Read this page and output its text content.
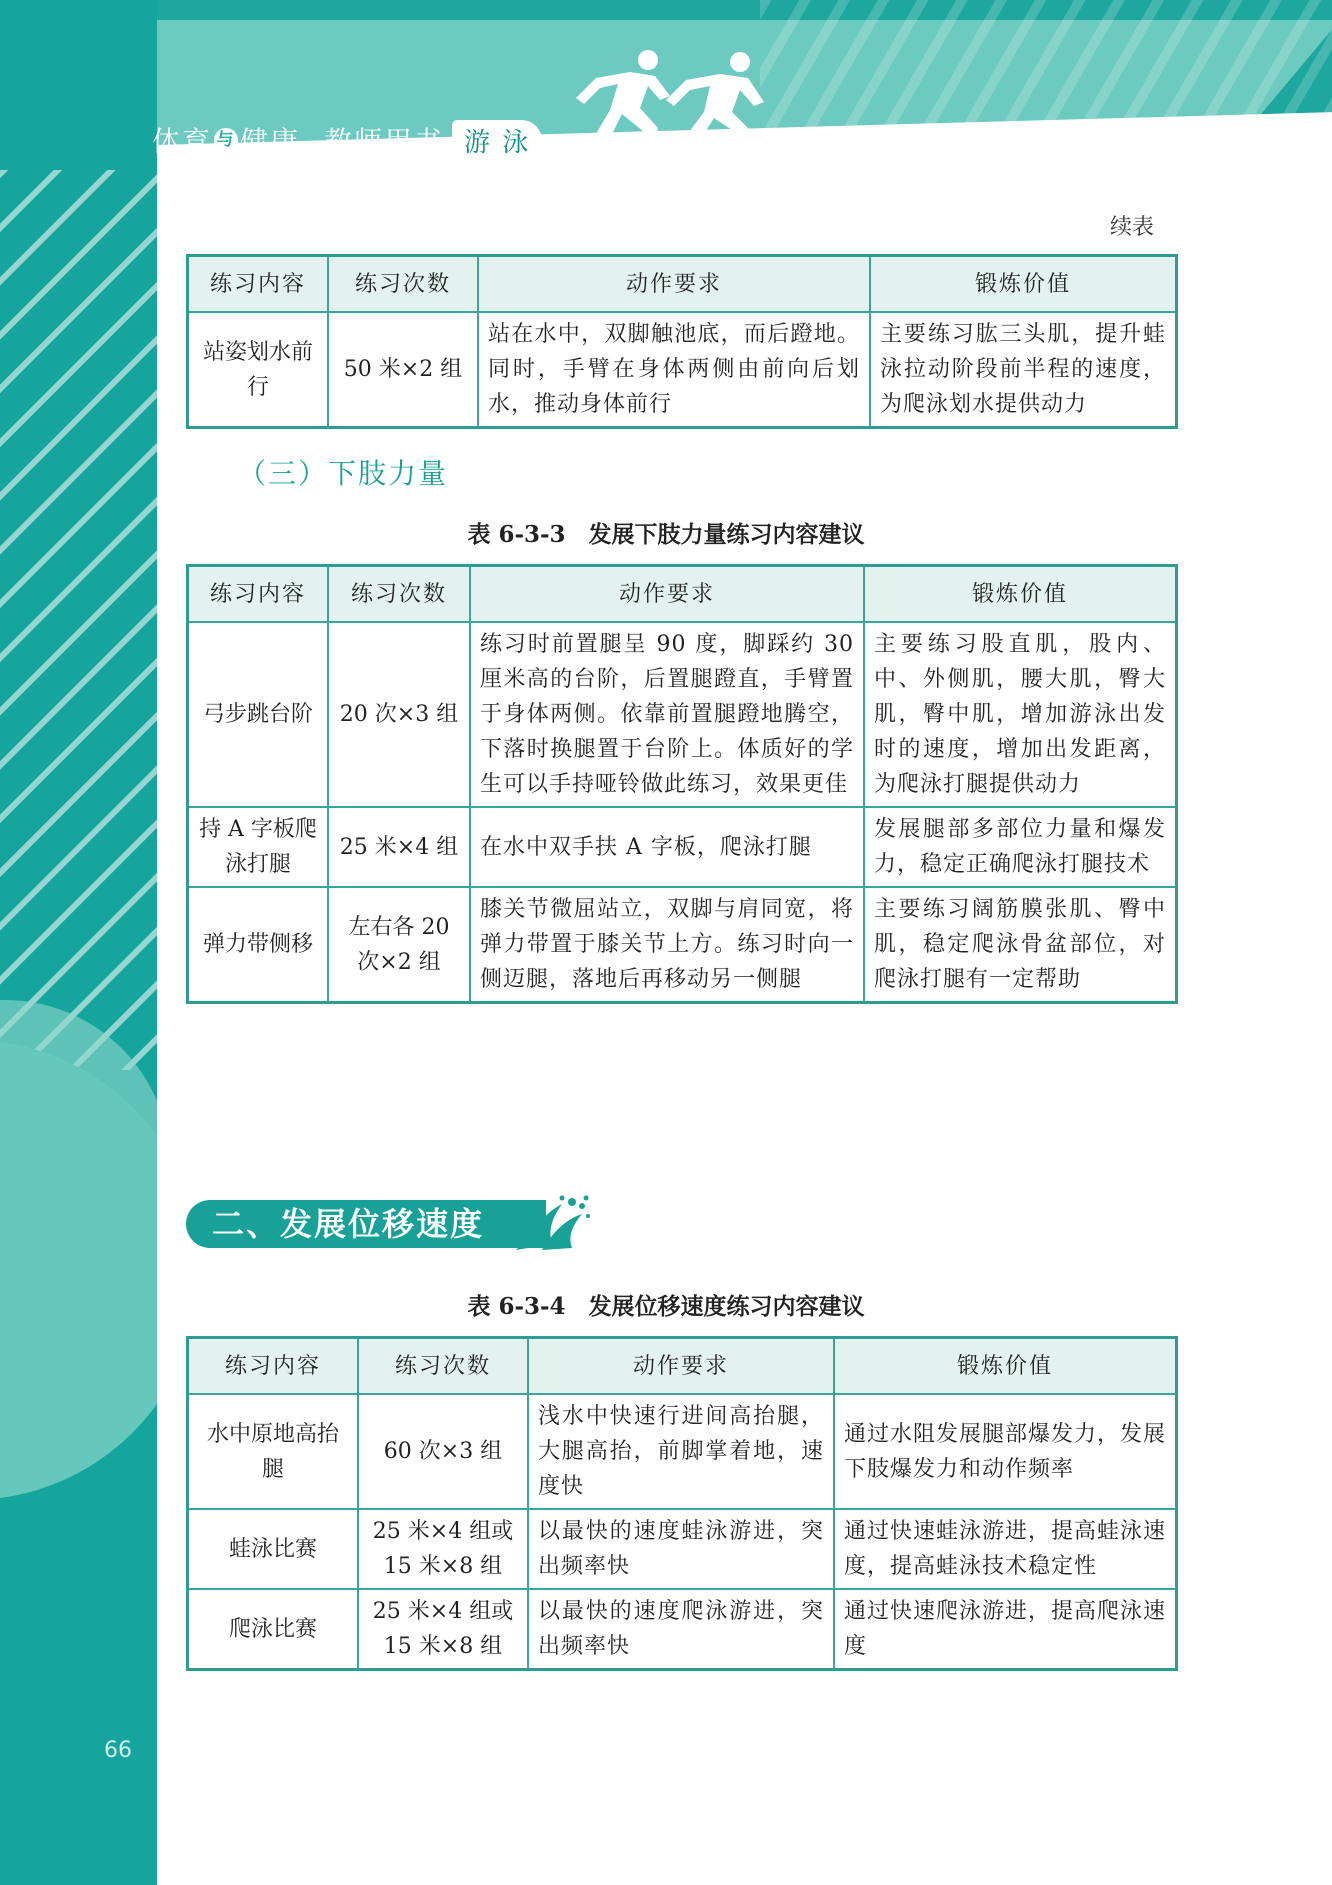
体育 与 健康 教师用书 游 泳
续表
练习内容	练习次数	动作要求	锻炼价值
站姿划水前行	50 米×2 组	站在水中，双脚触池底，而后蹬地。同时，手臂在身体两侧由前向后划水，推动身体前行	主要练习肱三头肌，提升蛙泳拉动阶段前半程的速度，为爬泳划水提供动力
（三）下肢力量
表 6-3-3　发展下肢力量练习内容建议
练习内容	练习次数	动作要求	锻炼价值
弓步跳台阶	20 次×3 组	练习时前置腿呈 90 度，脚踩约 30 厘米高的台阶，后置腿蹬直，手臂置于身体两侧。依靠前置腿蹬地腾空，下落时换腿置于台阶上。体质好的学生可以手持哑铃做此练习，效果更佳	主要练习股直肌，股内、中、外侧肌，腰大肌，臀大肌，臀中肌，增加游泳出发时的速度，增加出发距离，为爬泳打腿提供动力
持 A 字板爬泳打腿	25 米×4 组	在水中双手扶 A 字板，爬泳打腿	发展腿部多部位力量和爆发力，稳定正确爬泳打腿技术
弹力带侧移	左右各 20 次×2 组	膝关节微屈站立，双脚与肩同宽，将弹力带置于膝关节上方。练习时向一侧迈腿，落地后再移动另一侧腿	主要练习阔筋膜张肌、臀中肌，稳定爬泳骨盆部位，对爬泳打腿有一定帮助
二、发展位移速度
表 6-3-4　发展位移速度练习内容建议
练习内容	练习次数	动作要求	锻炼价值
水中原地高抬腿	60 次×3 组	浅水中快速行进间高抬腿，大腿高抬，前脚掌着地，速度快	通过水阻发展腿部爆发力，发展下肢爆发力和动作频率
蛙泳比赛	25 米×4 组或 15 米×8 组	以最快的速度蛙泳游进，突出频率快	通过快速蛙泳游进，提高蛙泳速度，提高蛙泳技术稳定性
爬泳比赛	25 米×4 组或 15 米×8 组	以最快的速度爬泳游进，突出频率快	通过快速爬泳游进，提高爬泳速度
66
